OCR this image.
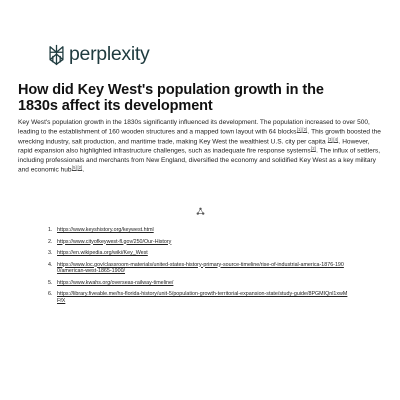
perplexity
How did Key West's population growth in the 1830s affect its development

Key West's population growth in the 1830s significantly influenced its development. The population increased to over 500, leading to the establishment of 160 wooden structures and a mapped town layout with 64 blocks[1][2]. This growth boosted the wrecking industry, salt production, and maritime trade, making Key West the wealthiest U.S. city per capita [3][4]. However, rapid expansion also highlighted infrastructure challenges, such as inadequate fire response systems[2]. The influx of settlers, including professionals and merchants from New England, diversified the economy and solidified Key West as a key military and economic hub[5][2].

1. https://www.keyshistory.org/keywest.html
2. https://www.cityofkeywest-fl.gov/250/Our-History
3. https://en.wikipedia.org/wiki/Key_West
4. https://www.loc.gov/classroom-materials/united-states-history-primary-source-timeline/rise-of-industrial-america-1876-1900/american-west-1865-1900/
5. https://www.kwahs.org/overseas-railway-timeline/
6. https://library.fiveable.me/hs-florida-history/unit-5/population-growth-territorial-expansion-state/study-guide/8PGMIQnl1xwMFfX
